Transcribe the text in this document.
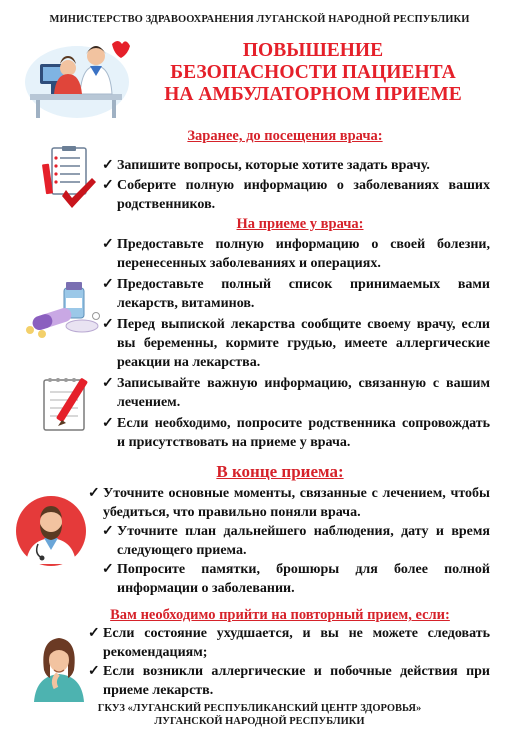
МИНИСТЕРСТВО ЗДРАВООХРАНЕНИЯ ЛУГАНСКОЙ НАРОДНОЙ РЕСПУБЛИКИ
ПОВЫШЕНИЕ
БЕЗОПАСНОСТИ ПАЦИЕНТА
НА АМБУЛАТОРНОМ ПРИЕМЕ
Заранее, до посещения врача:
✓ Запишите вопросы, которые хотите задать врачу.
✓ Соберите полную информацию о заболеваниях ваших родственников.
На приеме у врача:
✓ Предоставьте полную информацию о своей болезни, перенесенных заболеваниях и операциях.
✓ Предоставьте полный список принимаемых вами лекарств, витаминов.
✓ Перед выпиской лекарства сообщите своему врачу, если вы беременны, кормите грудью, имеете аллергические реакции на лекарства.
✓ Записывайте важную информацию, связанную с вашим лечением.
✓ Если необходимо, попросите родственника сопровождать и присутствовать на приеме у врача.
В конце приема:
✓ Уточните основные моменты, связанные с лечением, чтобы убедиться, что правильно поняли врача.
✓ Уточните план дальнейшего наблюдения, дату и время следующего приема.
✓ Попросите памятки, брошюры для более полной информации о заболевании.
Вам необходимо прийти на повторный прием, если:
✓ Если состояние ухудшается, и вы не можете следовать рекомендациям;
✓ Если возникли аллергические и побочные действия при приеме лекарств.
ГКУЗ «ЛУГАНСКИЙ РЕСПУБЛИКАНСКИЙ ЦЕНТР ЗДОРОВЬЯ»
ЛУГАНСКОЙ НАРОДНОЙ РЕСПУБЛИКИ
